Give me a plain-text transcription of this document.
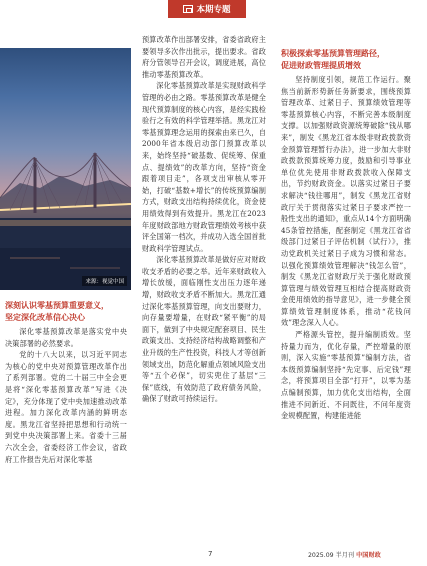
本期专题
来源：视觉中国
深刻认识零基预算重要意义，
坚定深化改革信心决心

深化零基预算改革是落实党中央决策部署的必然要求。

党的十八大以来，以习近平同志为核心的党中央对预算管理改革作出了系列部署。党的二十届三中全会更是将“深化零基预算改革”写进《决定》，充分体现了党中央加速推动改革进程。加力深化改革内涵的鲜明态度。黑龙江省坚持把思想和行动统一到党中央决策部署上来。省委十三届六次全会，省委经济工作会议，省政府工作报告先后对深化零基

预算改革作出部署安排，省委省政府主要领导多次作出批示，提出要求。省政府分管领导召开会议，调度进展，高位推动零基预算改革。

深化零基预算改革是实现财政科学管理的必由之路。零基预算改革是健全现代预算制度的核心内容，是经实践检验行之有效的科学管理举措。黑龙江对零基预算理念运用的探索由来已久，自2000年省本级启动部门预算改革以来，始终坚持“破基数、促统筹、保重点、提绩效”的改革方向，坚持“资金跟着项目走”，各项支出审核从零开始，打破“基数+增长”的传统预算编制方式，财政支出结构持续优化，资金使用绩效得到有效提升。黑龙江在2023年度财政部地方财政管理绩效考核中获评全国第一档次，并成功入选全国首批财政科学管理试点。

深化零基预算改革是做好应对财政收支矛盾的必要之举。近年来财政收入增长放缓，面临刚性支出压力逐年递增，财政收支矛盾不断加大。黑龙江通过深化零基预算管理，向支出要财力，向存量要增量，在财政“紧平衡”的局面下，做到了中央规定配套项目、民生政策支出、支持经济结构战略调整和产业升级的生产性投资，科技人才等创新领域支出，防范化解重点领域风险支出等“五个必保”，切实兜住了基层“三保”底线，有效防范了政府债务风险，确保了财政可持续运行。

积极探索零基预算管理路径，
促进财政管理提质增效

坚持制度引领，规范工作运行。聚焦当前新形势新任务新要求，围绕预算管理改革、过紧日子、预算绩效管理等零基预算核心内容，不断完善本级制度支撑。以加强财政资源统筹破除“钱从哪来”，制发《黑龙江省本级非财政拨款资金预算管理暂行办法》，进一步加大非财政拨款预算统筹力度，鼓励和引导事业单位优先使用非财政拨款收入保障支出，节约财政资金。以落实过紧日子要求解决“钱往哪用”，制发《黑龙江省财政厅关于贯彻落实过紧日子要求严控一般性支出的通知》，重点从14个方面明确45条管控措施，配套制定《黑龙江省省级部门过紧日子评估机制（试行）》，推动党政机关过紧日子成为习惯和常态。以强化预算绩效管理解决“钱怎么管”，制发《黑龙江省财政厅关于强化财政预算管理与绩效管理互相结合提高财政资金使用绩效的指导意见》，进一步健全预算绩效管理制度体系，推动“花钱问效”理念深入人心。

严格源头管控，提升编制质效。坚持量力而为，优化存量，严控增量的原则，深入实施“零基预算”编制方法，省本级预算编制坚持“先定事、后定钱”理念，将预算项目全部“打开”，以零为基点编制预算，加力优化支出结构，全面推进不问新近、不问既往，不问年度资金规模配置，构建能进能

7	2025.09 半月刊 中国财政
